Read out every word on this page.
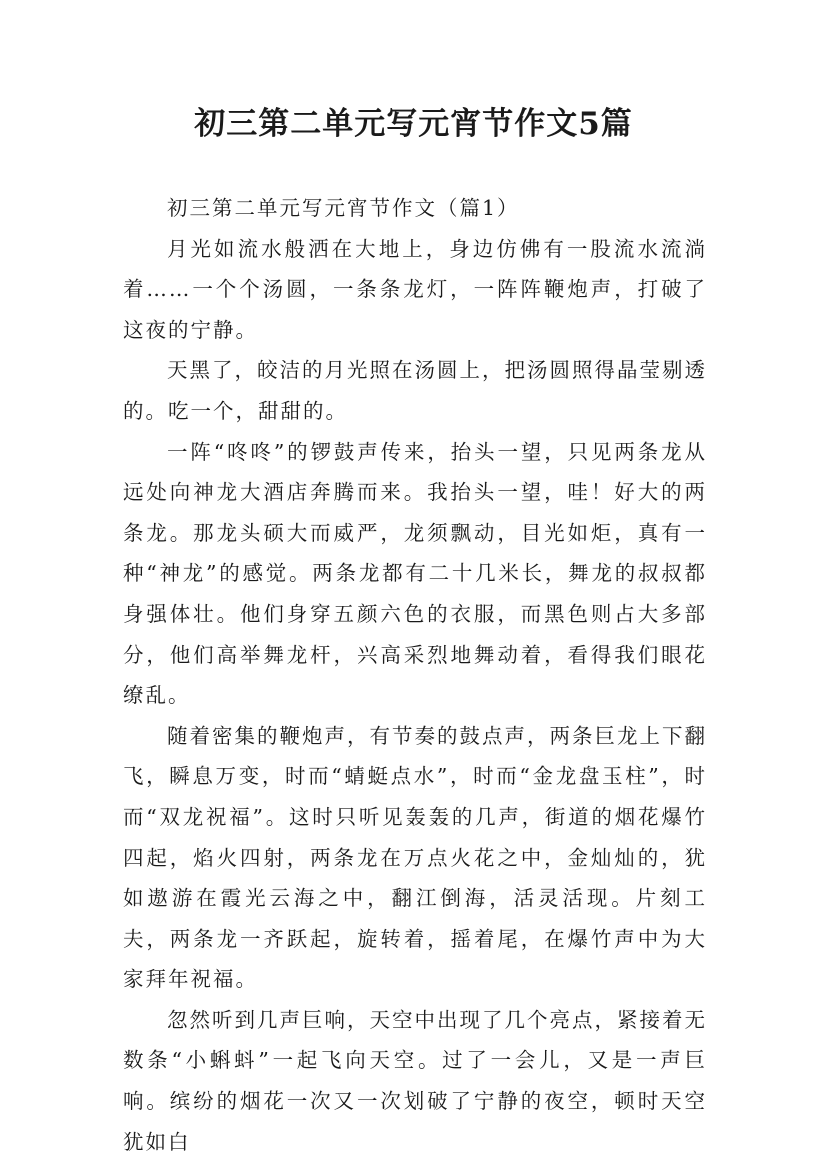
初三第二单元写元宵节作文5篇
初三第二单元写元宵节作文（篇1）

月光如流水般洒在大地上，身边仿佛有一股流水流淌着……一个个汤圆，一条条龙灯，一阵阵鞭炮声，打破了这夜的宁静。

天黑了，皎洁的月光照在汤圆上，把汤圆照得晶莹剔透的。吃一个，甜甜的。

一阵“咚咚”的锣鼓声传来，抬头一望，只见两条龙从远处向神龙大酒店奔腾而来。我抬头一望，哇！好大的两条龙。那龙头硕大而威严，龙须飘动，目光如炬，真有一种“神龙”的感觉。两条龙都有二十几米长，舞龙的叔叔都身强体壮。他们身穿五颜六色的衣服，而黑色则占大多部分，他们高举舞龙杆，兴高采烈地舞动着，看得我们眼花缭乱。

随着密集的鞭炮声，有节奏的鼓点声，两条巨龙上下翻飞，瞬息万变，时而“蜻蜓点水”，时而“金龙盘玉柱”，时而“双龙祝福”。这时只听见轰轰的几声，街道的烟花爆竹四起，焰火四射，两条龙在万点火花之中，金灿灿的，犹如遨游在霞光云海之中，翻江倒海，活灵活现。片刻工夫，两条龙一齐跃起，旋转着，摇着尾，在爆竹声中为大家拜年祝福。

忽然听到几声巨响，天空中出现了几个亮点，紧接着无数条“小蝌蚪”一起飞向天空。过了一会儿，又是一声巨响。缤纷的烟花一次又一次划破了宁静的夜空，顿时天空犹如白
